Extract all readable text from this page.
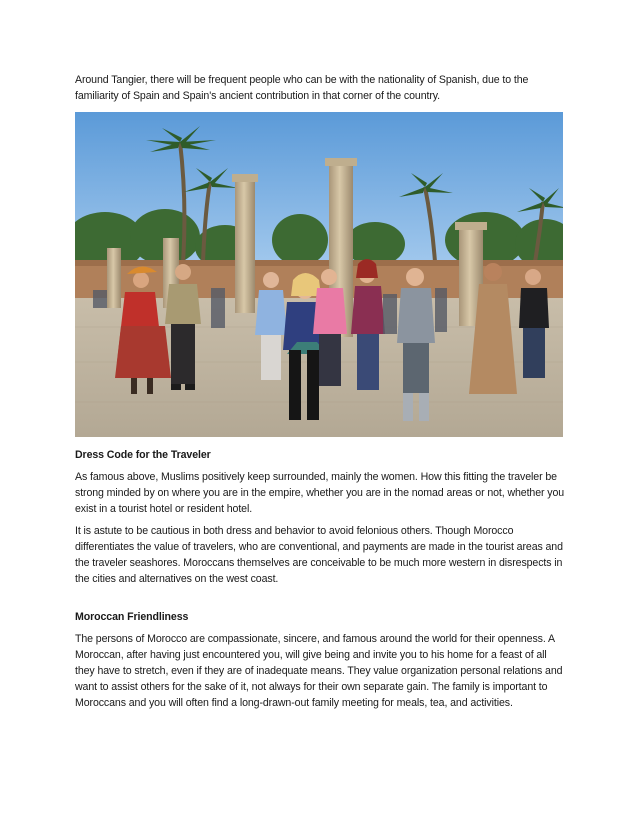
Around Tangier, there will be frequent people who can be with the nationality of Spanish, due to the familiarity of Spain and Spain's ancient contribution in that corner of the country.

Dress Code for the Traveler

As famous above, Muslims positively keep surrounded, mainly the women. How this fitting the traveler be strong minded by on where you are in the empire, whether you are in the nomad areas or not, whether you exist in a tourist hotel or resident hotel.

It is astute to be cautious in both dress and behavior to avoid felonious others. Though Morocco differentiates the value of travelers, who are conventional, and payments are made in the tourist areas and the traveler seashores. Moroccans themselves are conceivable to be much more western in disrespects in the cities and alternatives on the west coast.

Moroccan Friendliness

The persons of Morocco are compassionate, sincere, and famous around the world for their openness. A Moroccan, after having just encountered you, will give being and invite you to his home for a feast of all they have to stretch, even if they are of inadequate means. They value organization personal relations and want to assist others for the sake of it, not always for their own separate gain. The family is important to Moroccans and you will often find a long-drawn-out family meeting for meals, tea, and activities.
